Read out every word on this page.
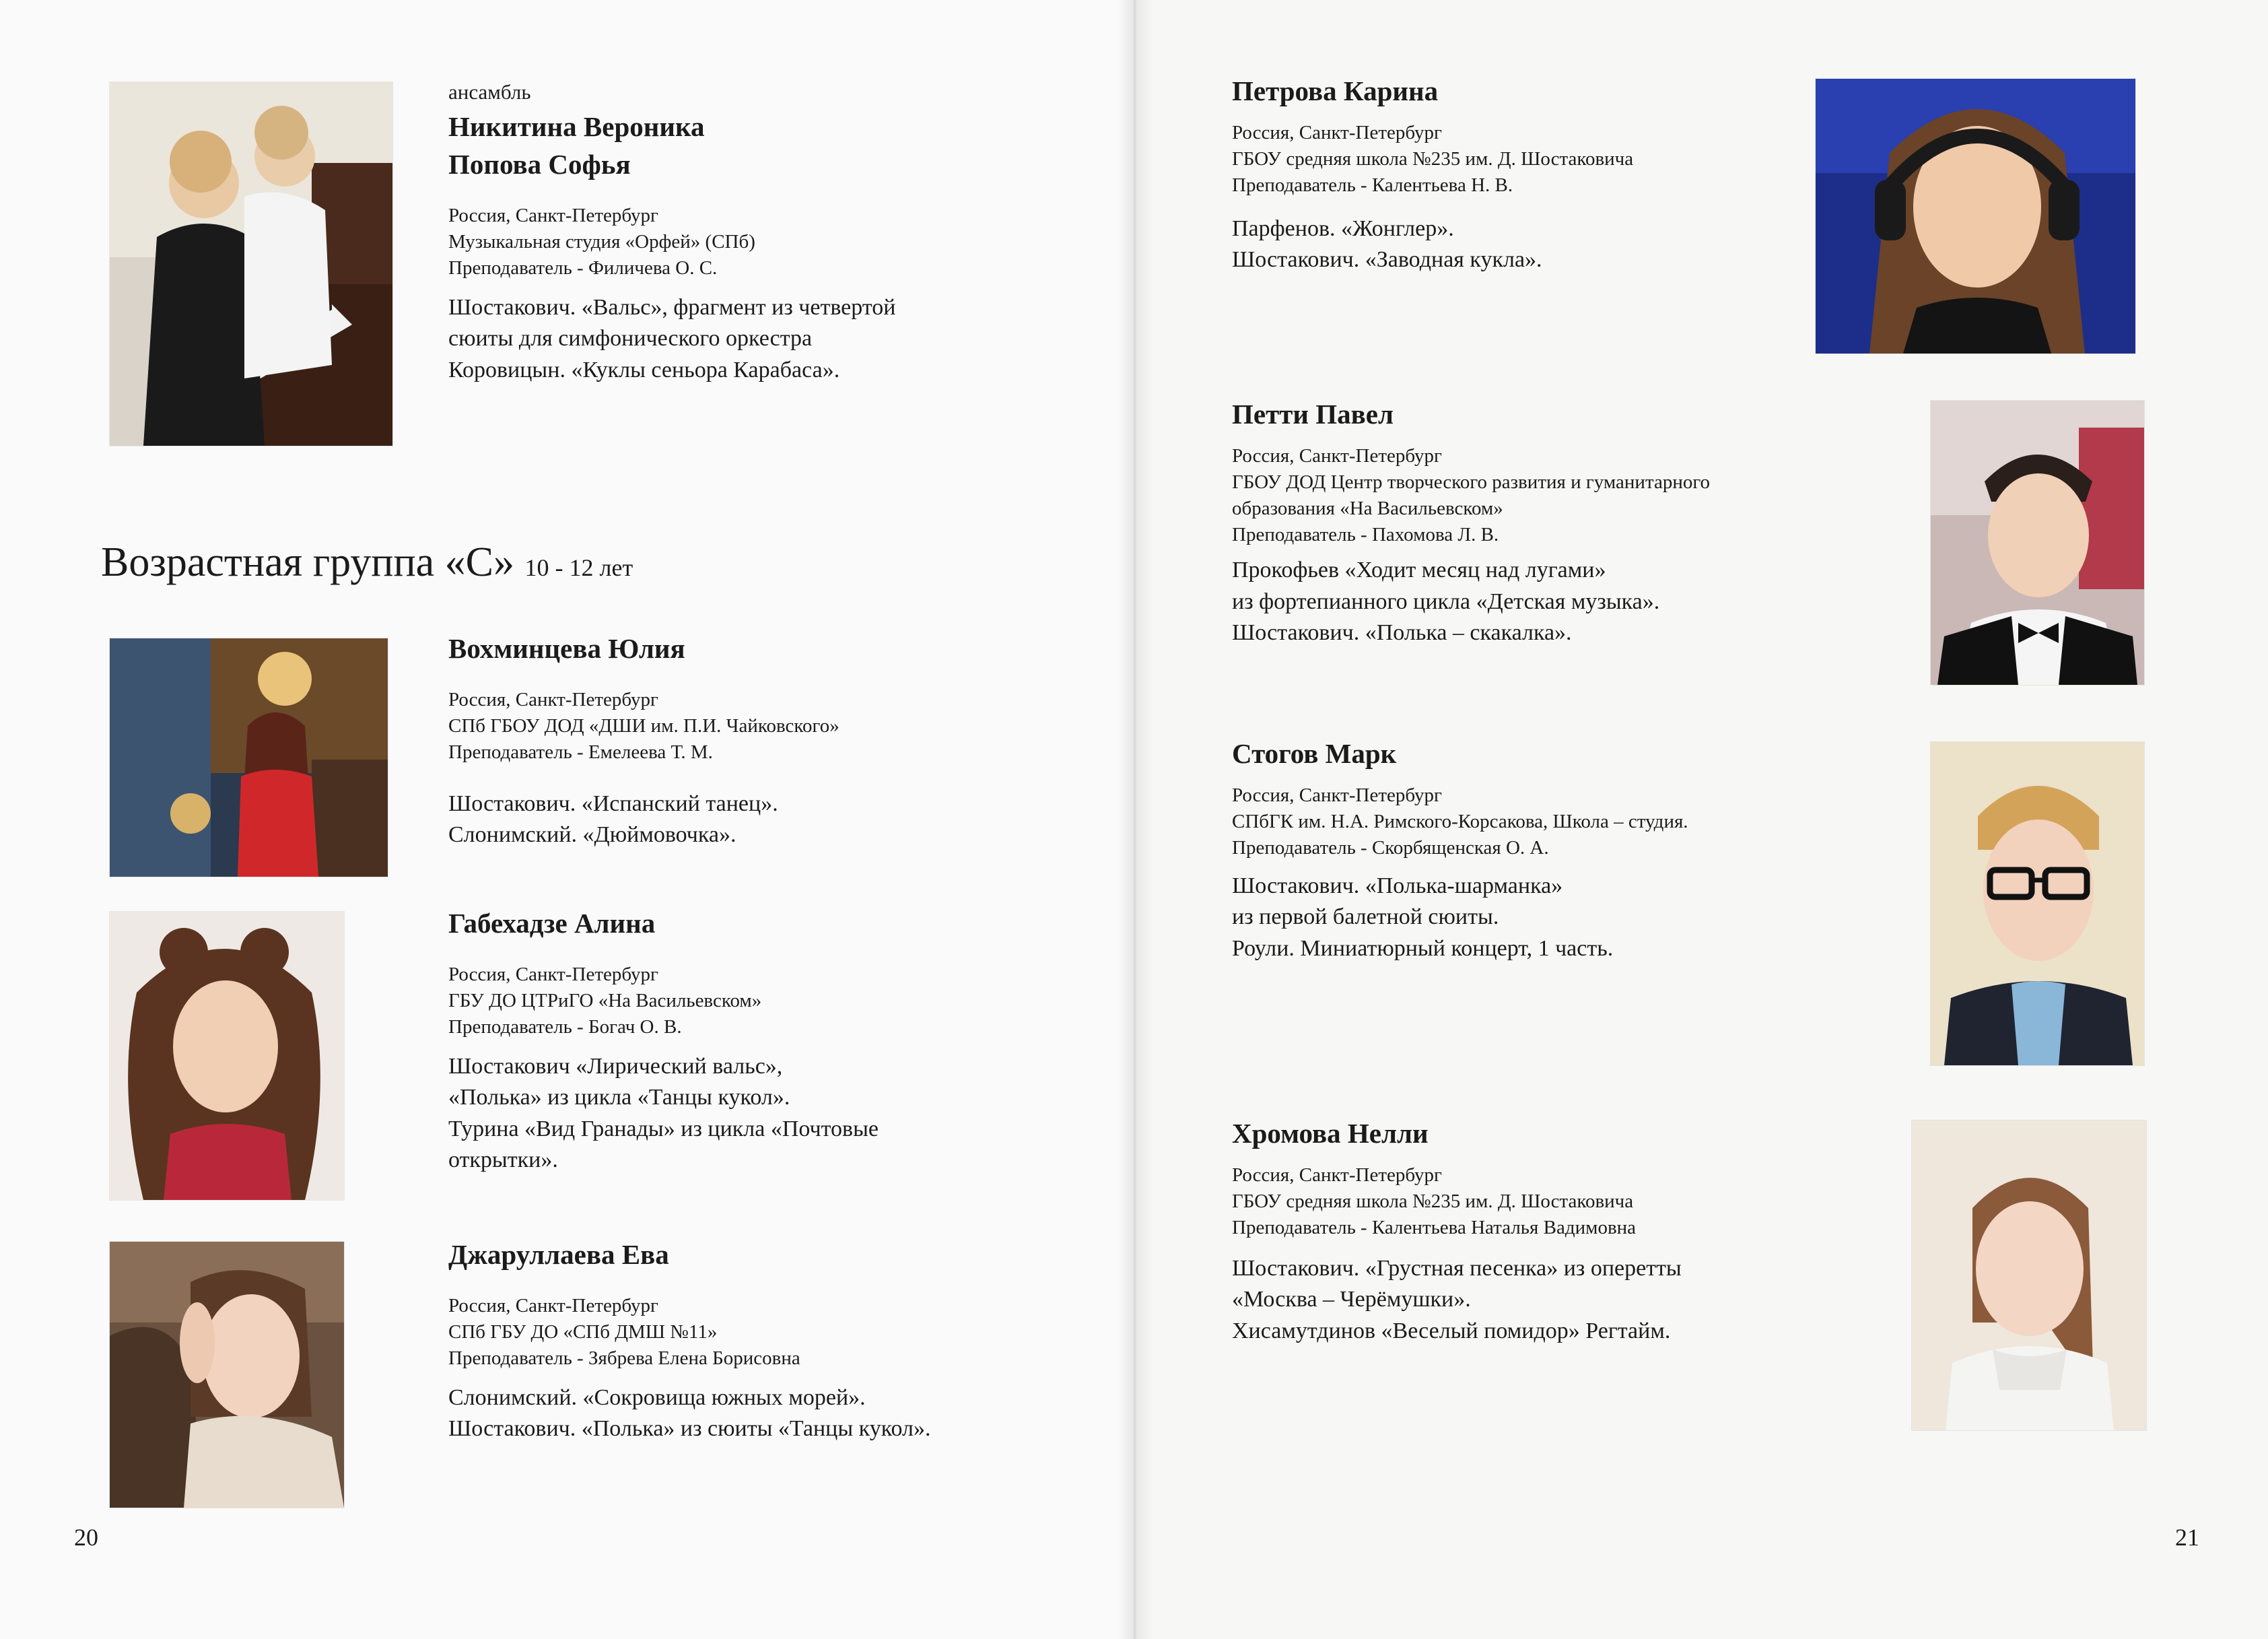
ансамбль
Никитина Вероника
Попова Софья
Россия, Санкт-Петербург
Музыкальная студия «Орфей» (СПб)
Преподаватель - Филичева О. С.
Шостакович. «Вальс», фрагмент из четвертой
сюиты для симфонического оркестра
Коровицын. «Куклы сеньора Карабаса».
Возрастная группа «С» 10 - 12 лет
Вохминцева Юлия
Россия, Санкт-Петербург
СПб ГБОУ ДОД «ДШИ им. П.И. Чайковского»
Преподаватель - Емелеева Т. М.
Шостакович. «Испанский танец».
Слонимский. «Дюймовочка».
Габехадзе Алина
Россия, Санкт-Петербург
ГБУ ДО ЦТРиГО «На Васильевском»
Преподаватель - Богач О. В.
Шостакович «Лирический вальс»,
«Полька» из цикла «Танцы кукол».
Турина «Вид Гранады» из цикла «Почтовые
открытки».
Джаруллаева Ева
Россия, Санкт-Петербург
СПб ГБУ ДО «СПб ДМШ №11»
Преподаватель - Зябрева Елена Борисовна
Слонимский. «Сокровища южных морей».
Шостакович. «Полька» из сюиты «Танцы кукол».
20
Петрова Карина
Россия, Санкт-Петербург
ГБОУ средняя школа №235 им. Д. Шостаковича
Преподаватель - Калентьева Н. В.
Парфенов. «Жонглер».
Шостакович. «Заводная кукла».
Петти Павел
Россия, Санкт-Петербург
ГБОУ ДОД Центр творческого развития и гуманитарного
образования «На Васильевском»
Преподаватель - Пахомова Л. В.
Прокофьев «Ходит месяц над лугами»
из фортепианного цикла «Детская музыка».
Шостакович. «Полька – скакалка».
Стогов Марк
Россия, Санкт-Петербург
СПбГК им. Н.А. Римского-Корсакова, Школа – студия.
Преподаватель - Скорбященская О. А.
Шостакович. «Полька-шарманка»
из первой балетной сюиты.
Роули. Миниатюрный концерт, 1 часть.
Хромова Нелли
Россия, Санкт-Петербург
ГБОУ средняя школа №235 им. Д. Шостаковича
Преподаватель - Калентьева Наталья Вадимовна
Шостакович. «Грустная песенка» из оперетты
«Москва – Черёмушки».
Хисамутдинов «Веселый помидор» Регтайм.
21
